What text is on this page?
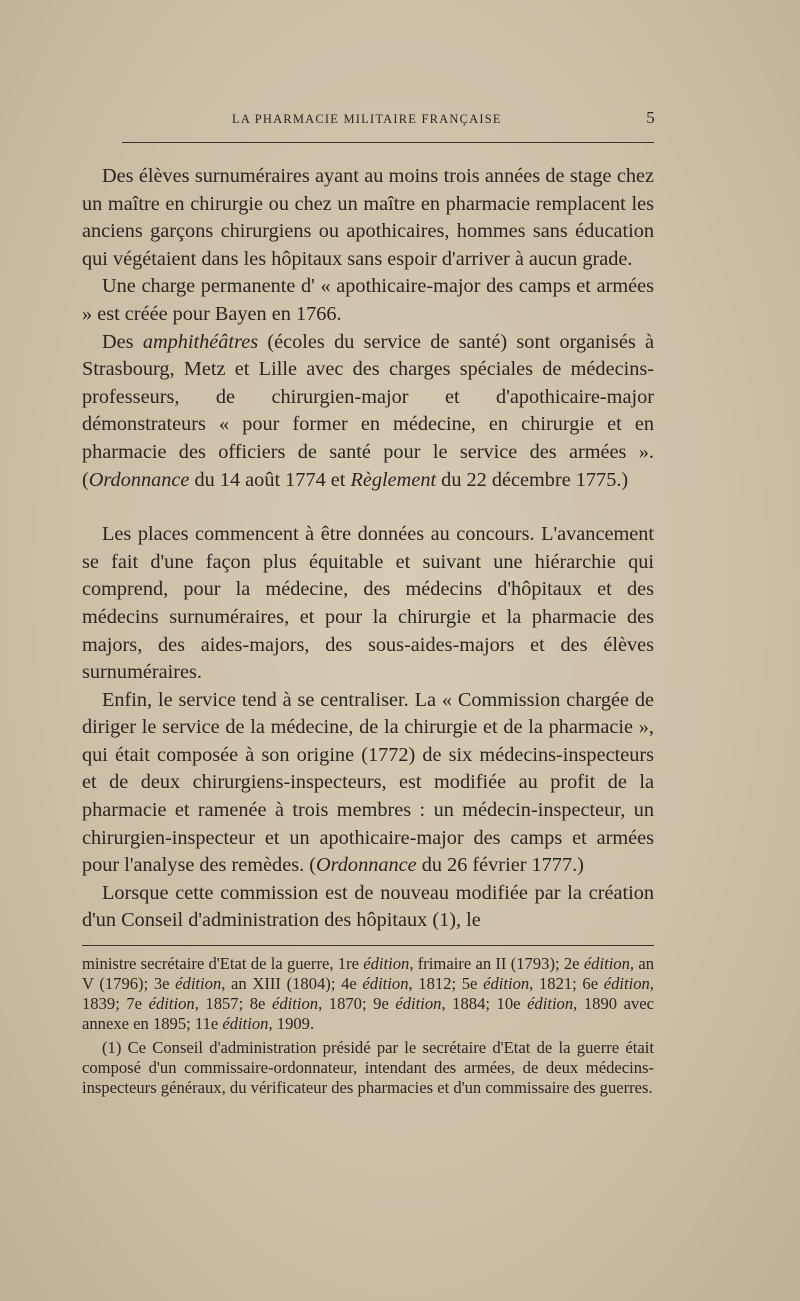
LA PHARMACIE MILITAIRE FRANÇAISE	5

Des élèves surnuméraires ayant au moins trois années de stage chez un maître en chirurgie ou chez un maître en pharmacie remplacent les anciens garçons chirurgiens ou apothicaires, hommes sans éducation qui végétaient dans les hôpitaux sans espoir d'arriver à aucun grade.

Une charge permanente d' « apothicaire-major des camps et armées » est créée pour Bayen en 1766.

Des amphithéâtres (écoles du service de santé) sont organisés à Strasbourg, Metz et Lille avec des charges spéciales de médecins-professeurs, de chirurgien-major et d'apothicaire-major démonstrateurs « pour former en médecine, en chirurgie et en pharmacie des officiers de santé pour le service des armées ». (Ordonnance du 14 août 1774 et Règlement du 22 décembre 1775.)

Les places commencent à être données au concours. L'avancement se fait d'une façon plus équitable et suivant une hiérarchie qui comprend, pour la médecine, des médecins d'hôpitaux et des médecins surnuméraires, et pour la chirurgie et la pharmacie des majors, des aides-majors, des sous-aides-majors et des élèves surnuméraires.

Enfin, le service tend à se centraliser. La « Commission chargée de diriger le service de la médecine, de la chirurgie et de la pharmacie », qui était composée à son origine (1772) de six médecins-inspecteurs et de deux chirurgiens-inspecteurs, est modifiée au profit de la pharmacie et ramenée à trois membres : un médecin-inspecteur, un chirurgien-inspecteur et un apothicaire-major des camps et armées pour l'analyse des remèdes. (Ordonnance du 26 février 1777.)

Lorsque cette commission est de nouveau modifiée par la création d'un Conseil d'administration des hôpitaux (1), le

ministre secrétaire d'Etat de la guerre, 1re édition, frimaire an II (1793); 2e édition, an V (1796); 3e édition, an XIII (1804); 4e édition, 1812; 5e édition, 1821; 6e édition, 1839; 7e édition, 1857; 8e édition, 1870; 9e édition, 1884; 10e édition, 1890 avec annexe en 1895; 11e édition, 1909.

(1) Ce Conseil d'administration présidé par le secrétaire d'Etat de la guerre était composé d'un commissaire-ordonnateur, intendant des armées, de deux médecins-inspecteurs généraux, du vérificateur des pharmacies et d'un commissaire des guerres.
